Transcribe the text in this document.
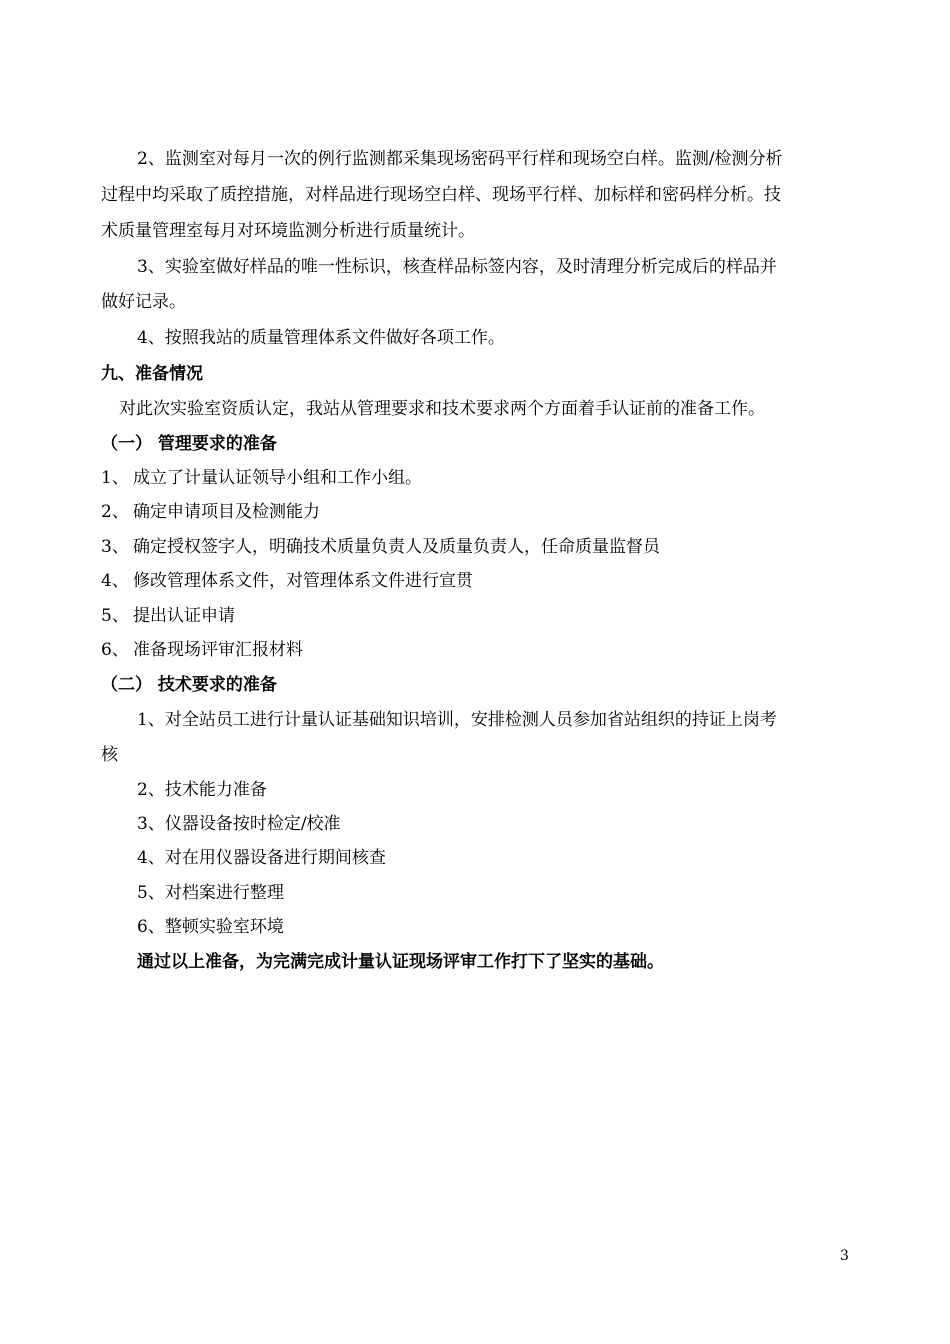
2、监测室对每月一次的例行监测都采集现场密码平行样和现场空白样。监测/检测分析
过程中均采取了质控措施，对样品进行现场空白样、现场平行样、加标样和密码样分析。技
术质量管理室每月对环境监测分析进行质量统计。
3、实验室做好样品的唯一性标识，核查样品标签内容，及时清理分析完成后的样品并
做好记录。
4、按照我站的质量管理体系文件做好各项工作。
九、准备情况
对此次实验室资质认定，我站从管理要求和技术要求两个方面着手认证前的准备工作。
（一） 管理要求的准备
1、 成立了计量认证领导小组和工作小组。
2、 确定申请项目及检测能力
3、 确定授权签字人，明确技术质量负责人及质量负责人，任命质量监督员
4、 修改管理体系文件，对管理体系文件进行宣贯
5、 提出认证申请
6、 准备现场评审汇报材料
（二） 技术要求的准备
1、对全站员工进行计量认证基础知识培训，安排检测人员参加省站组织的持证上岗考
核
2、技术能力准备
3、仪器设备按时检定/校准
4、对在用仪器设备进行期间核查
5、对档案进行整理
6、整顿实验室环境
通过以上准备，为完满完成计量认证现场评审工作打下了坚实的基础。
3
